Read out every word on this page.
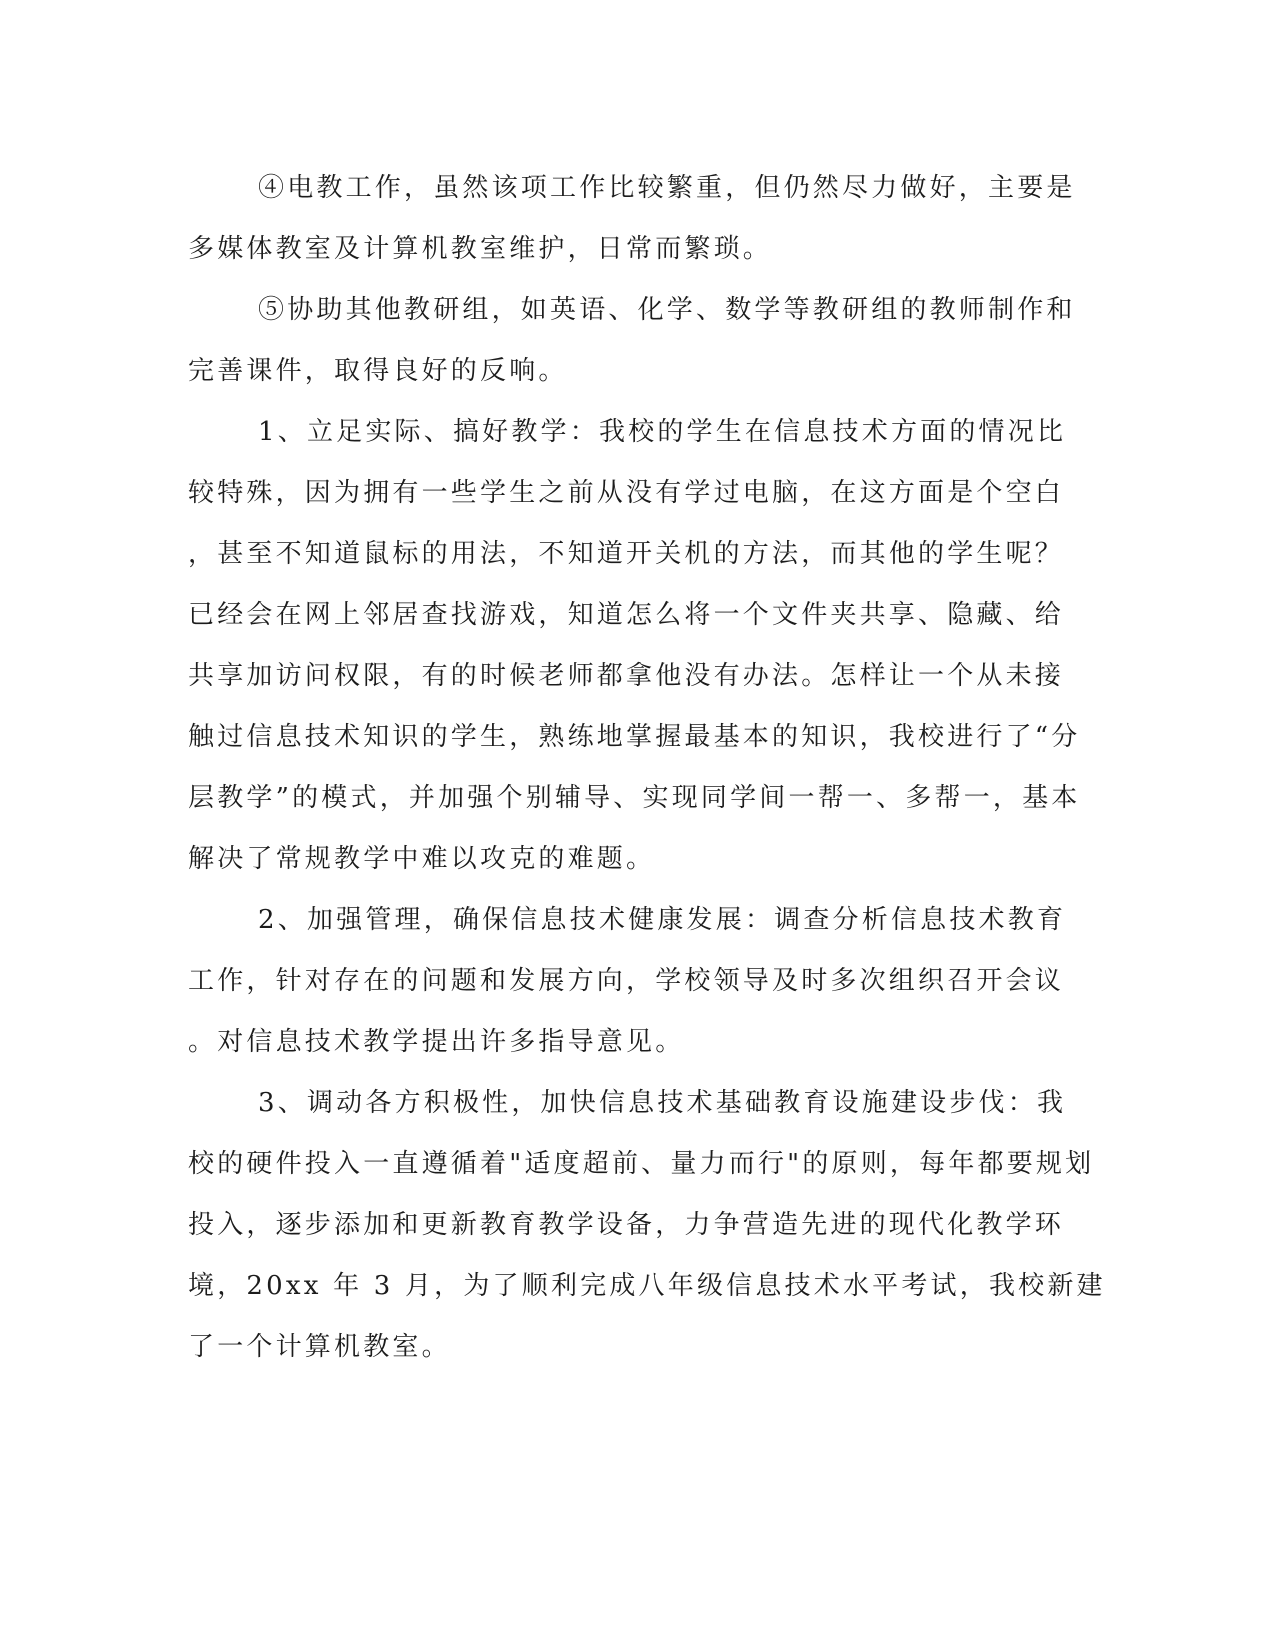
④电教工作，虽然该项工作比较繁重，但仍然尽力做好，主要是
多媒体教室及计算机教室维护，日常而繁琐。
⑤协助其他教研组，如英语、化学、数学等教研组的教师制作和
完善课件，取得良好的反响。
1、立足实际、搞好教学：我校的学生在信息技术方面的情况比
较特殊，因为拥有一些学生之前从没有学过电脑，在这方面是个空白
，甚至不知道鼠标的用法，不知道开关机的方法，而其他的学生呢？
已经会在网上邻居查找游戏，知道怎么将一个文件夹共享、隐藏、给
共享加访问权限，有的时候老师都拿他没有办法。怎样让一个从未接
触过信息技术知识的学生，熟练地掌握最基本的知识，我校进行了“分
层教学”的模式，并加强个别辅导、实现同学间一帮一、多帮一，基本
解决了常规教学中难以攻克的难题。
2、加强管理，确保信息技术健康发展：调查分析信息技术教育
工作，针对存在的问题和发展方向，学校领导及时多次组织召开会议
。对信息技术教学提出许多指导意见。
3、调动各方积极性，加快信息技术基础教育设施建设步伐：我
校的硬件投入一直遵循着"适度超前、量力而行"的原则，每年都要规划
投入，逐步添加和更新教育教学设备，力争营造先进的现代化教学环
境，20xx 年 3 月，为了顺利完成八年级信息技术水平考试，我校新建
了一个计算机教室。
